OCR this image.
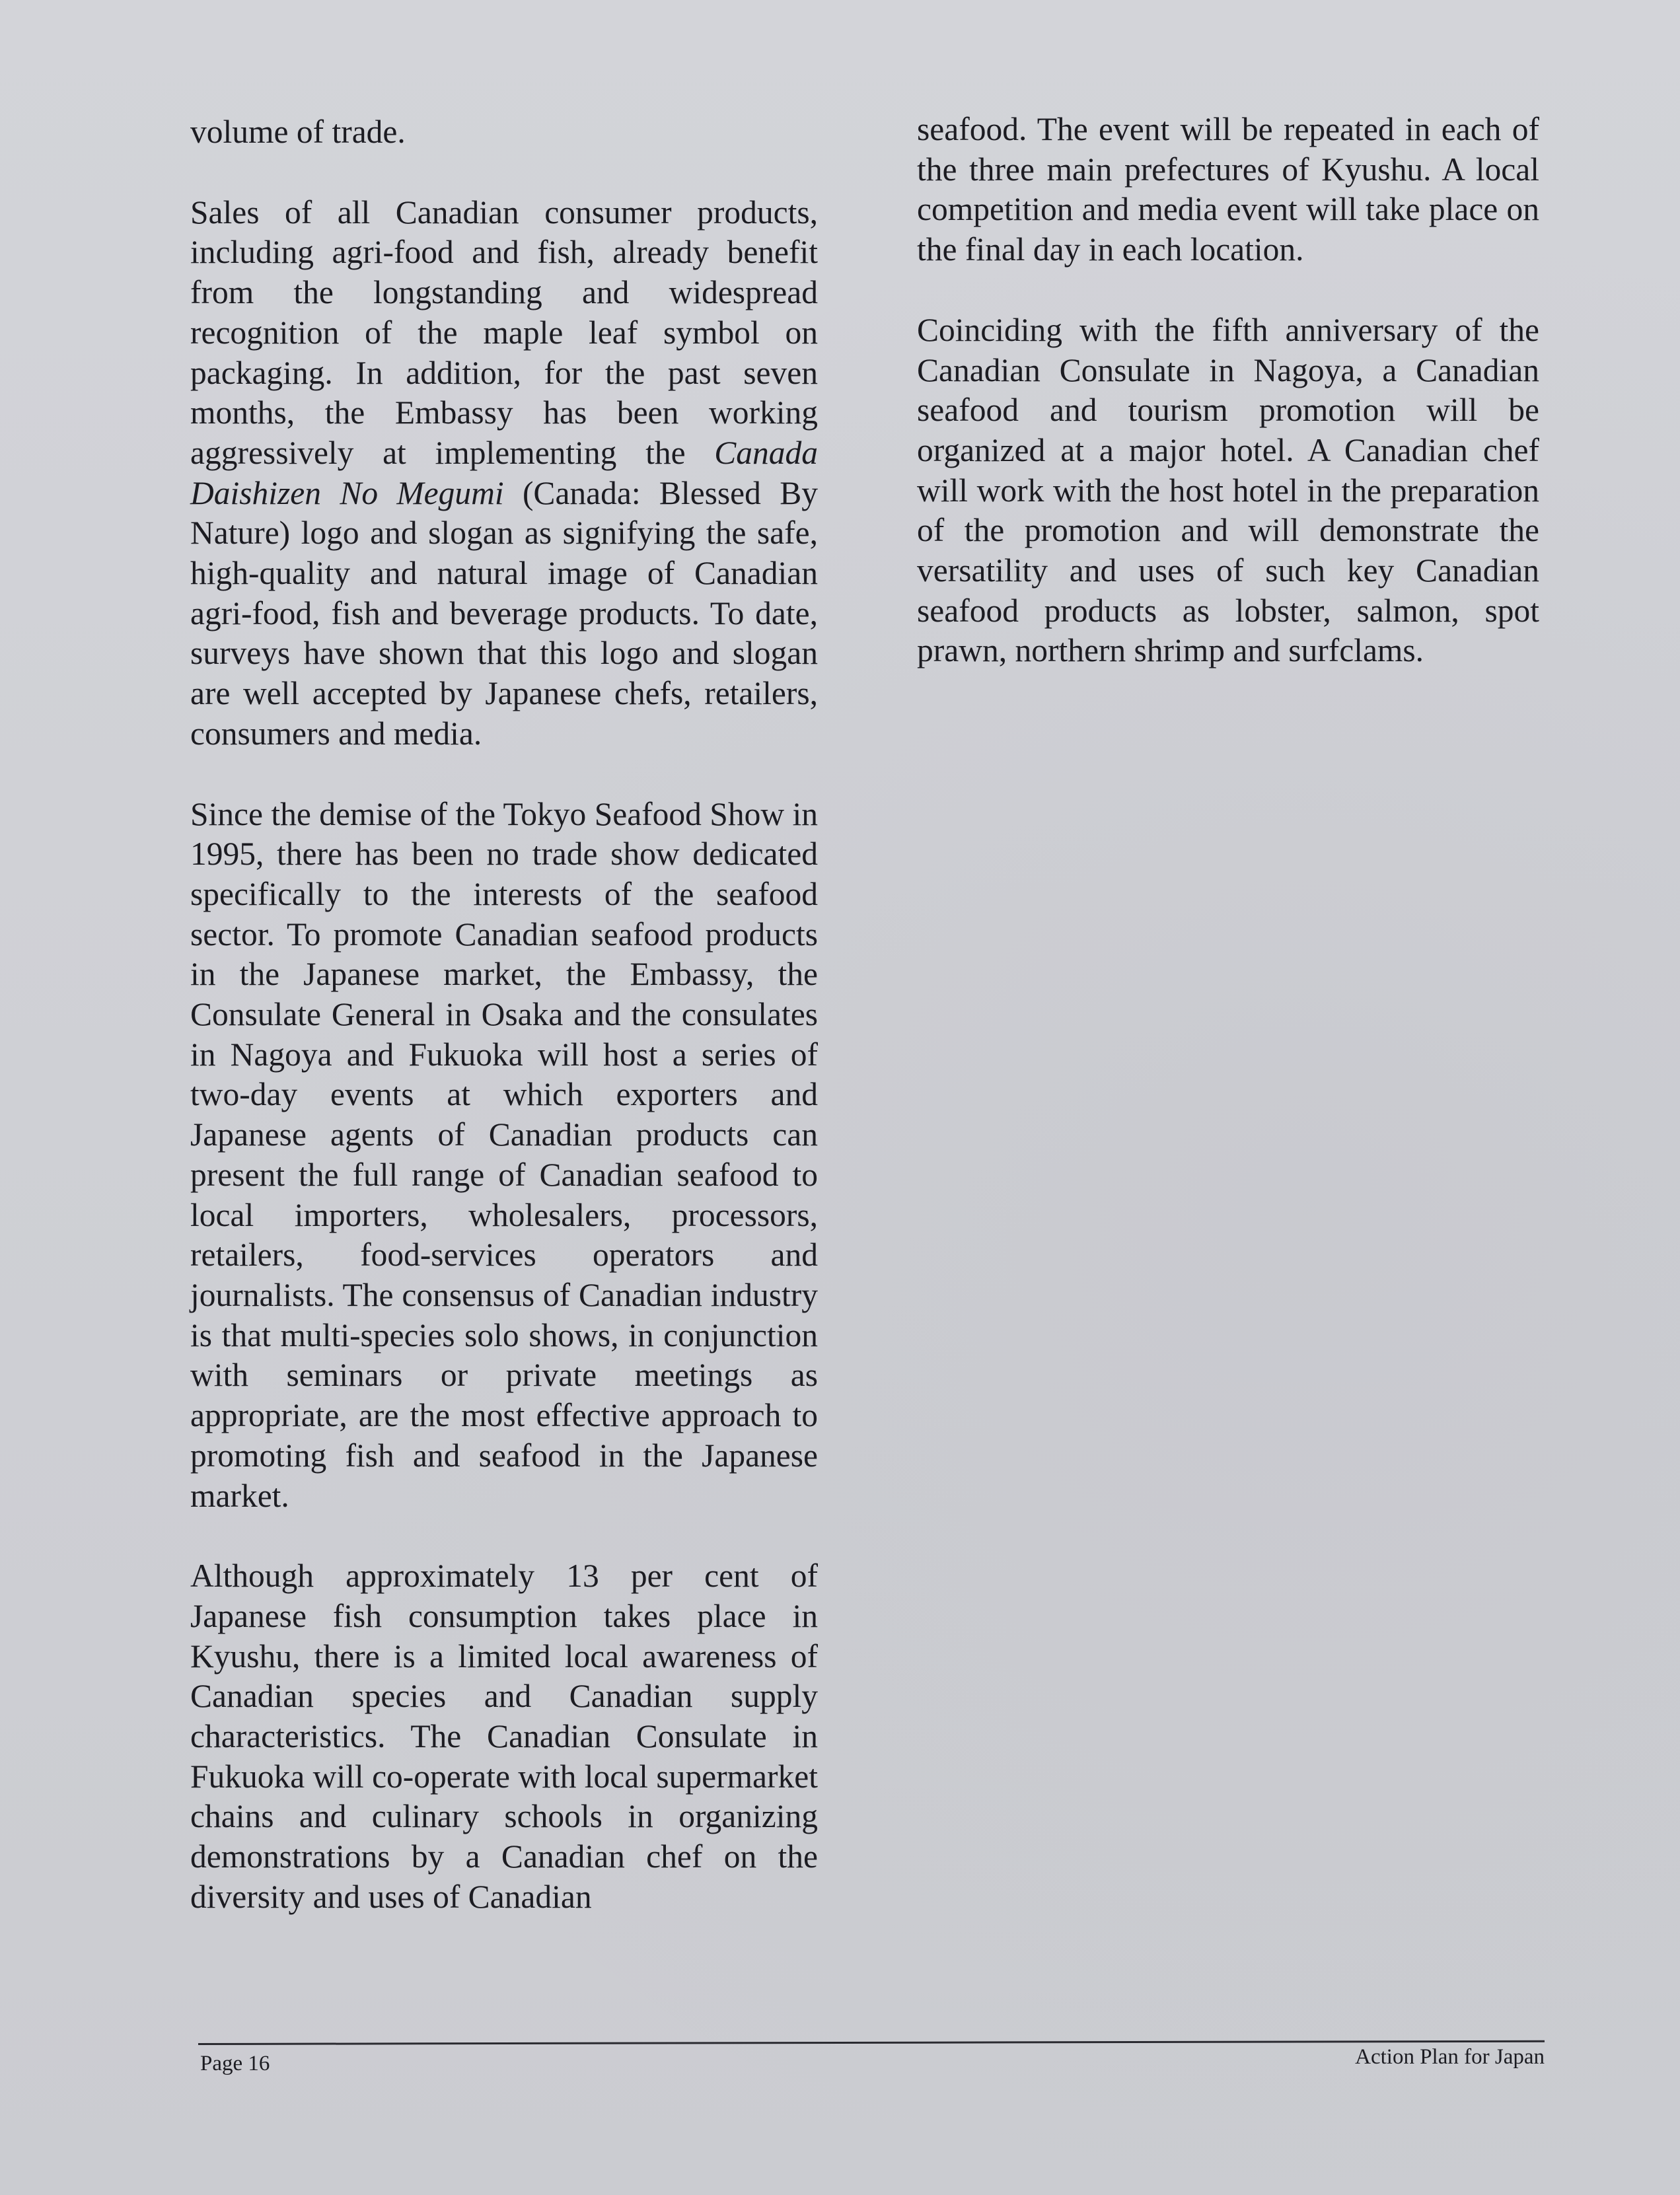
volume of trade.

Sales of all Canadian consumer products, including agri-food and fish, already benefit from the longstanding and widespread recognition of the maple leaf symbol on packaging. In addition, for the past seven months, the Embassy has been working aggressively at implementing the Canada Daishizen No Megumi (Canada: Blessed By Nature) logo and slogan as signifying the safe, high-quality and natural image of Canadian agri-food, fish and beverage products. To date, surveys have shown that this logo and slogan are well accepted by Japanese chefs, retailers, consumers and media.

Since the demise of the Tokyo Seafood Show in 1995, there has been no trade show dedicated specifically to the interests of the seafood sector. To promote Canadian seafood products in the Japanese market, the Embassy, the Consulate General in Osaka and the consulates in Nagoya and Fukuoka will host a series of two-day events at which exporters and Japanese agents of Canadian products can present the full range of Canadian seafood to local importers, wholesalers, processors, retailers, food-services operators and journalists. The consensus of Canadian industry is that multi-species solo shows, in conjunction with seminars or private meetings as appropriate, are the most effective approach to promoting fish and seafood in the Japanese market.

Although approximately 13 per cent of Japanese fish consumption takes place in Kyushu, there is a limited local awareness of Canadian species and Canadian supply characteristics. The Canadian Consulate in Fukuoka will co-operate with local supermarket chains and culinary schools in organizing demonstrations by a Canadian chef on the diversity and uses of Canadian

seafood. The event will be repeated in each of the three main prefectures of Kyushu. A local competition and media event will take place on the final day in each location.

Coinciding with the fifth anniversary of the Canadian Consulate in Nagoya, a Canadian seafood and tourism promotion will be organized at a major hotel. A Canadian chef will work with the host hotel in the preparation of the promotion and will demonstrate the versatility and uses of such key Canadian seafood products as lobster, salmon, spot prawn, northern shrimp and surfclams.

Page 16	Action Plan for Japan
